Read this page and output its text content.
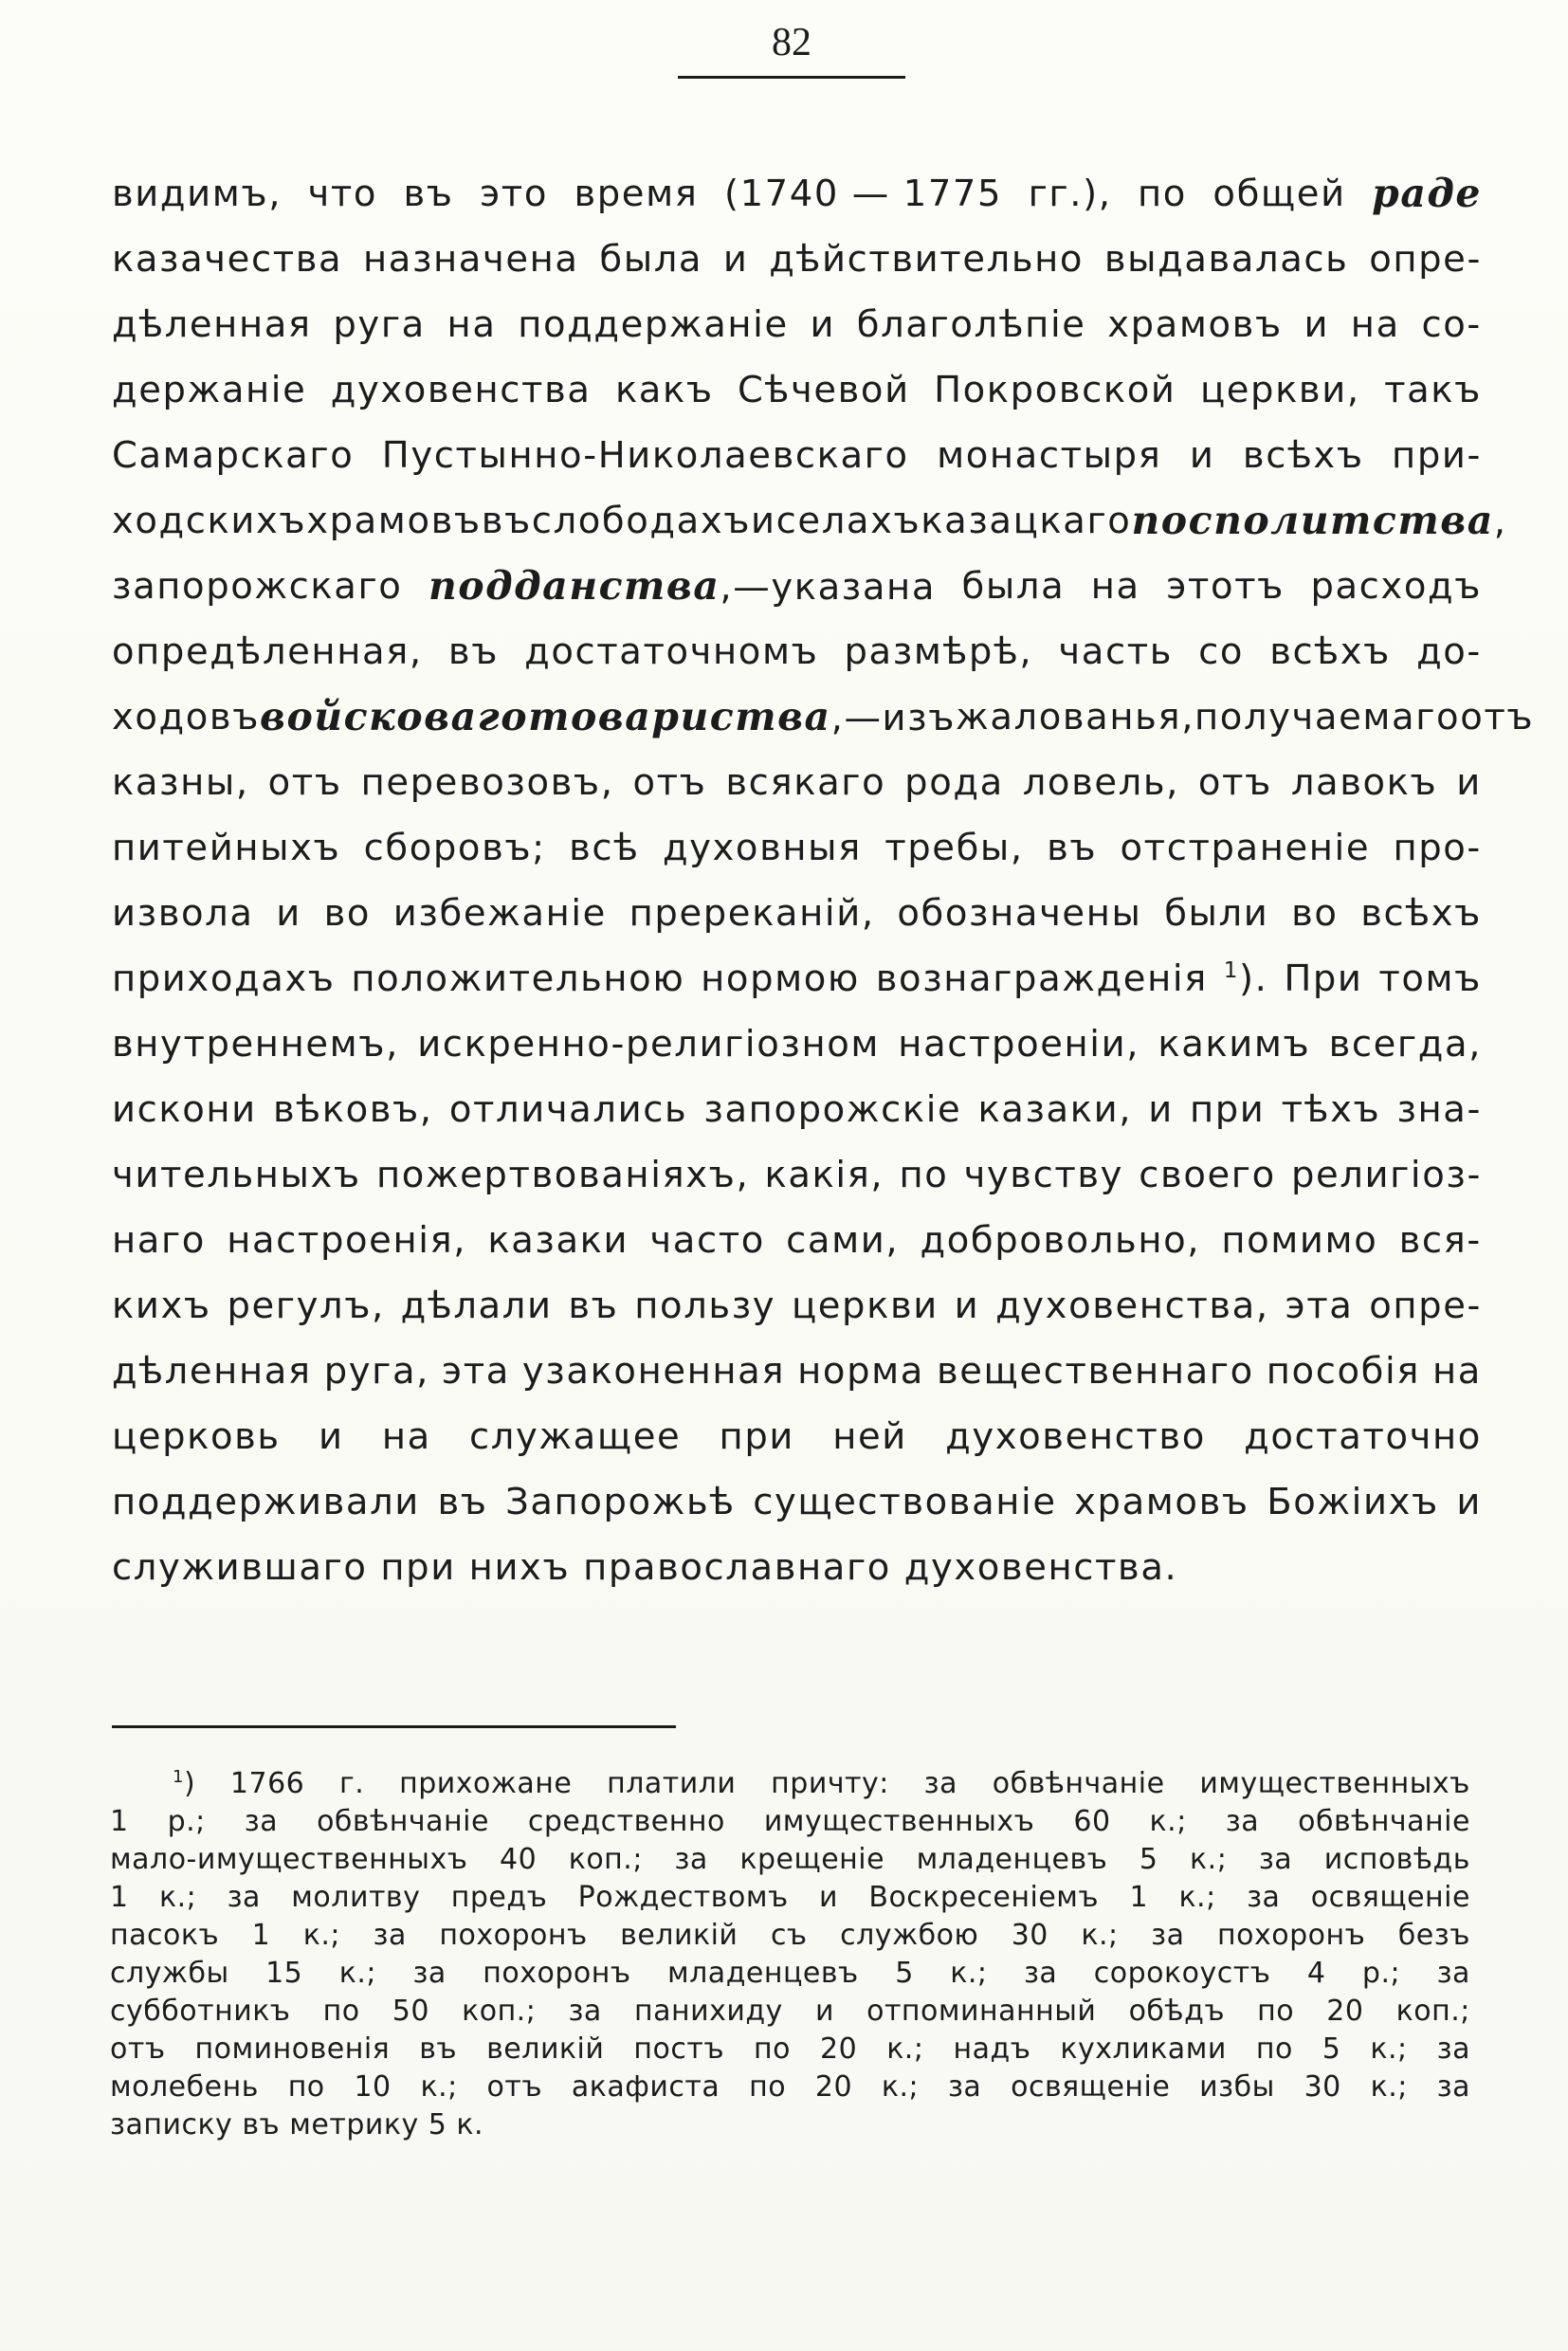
82
видимъ, что въ это время (1740 — 1775 гг.), по общей раде
казачества назначена была и дѣйствительно выдавалась опре-
дѣленная руга на поддержаніе и благолѣпіе храмовъ и на со-
держаніе духовенства какъ Сѣчевой Покровской церкви, такъ
Самарскаго Пустынно-Николаевскаго монастыря и всѣхъ при-
ходскихъ храмовъ въ слободахъ и селахъ казацкаго посполитства,
запорожскаго подданства,—указана была на этотъ расходъ
опредѣленная, въ достаточномъ размѣрѣ, часть со всѣхъ до-
ходовъ войсковаго товариства,—изъ жалованья, получаемаго отъ
казны, отъ перевозовъ, отъ всякаго рода ловель, отъ лавокъ и
питейныхъ сборовъ; всѣ духовныя требы, въ отстраненіе про-
извола и во избежаніе пререканій, обозначены были во всѣхъ
приходахъ положительною нормою вознагражденія $^1$). При томъ
внутреннемъ, искренно-религіозном настроеніи, какимъ всегда,
искони вѣковъ, отличались запорожскіе казаки, и при тѣхъ зна-
чительныхъ пожертвованіяхъ, какія, по чувству своего религіоз-
наго настроенія, казаки часто сами, добровольно, помимо вся-
кихъ регулъ, дѣлали въ пользу церкви и духовенства, эта опре-
дѣленная руга, эта узаконенная норма вещественнаго пособія на
церковь и на служащее при ней духовенство достаточно
поддерживали въ Запорожьѣ существованіе храмовъ Божіихъ и
служившаго при нихъ православнаго духовенства.
$^1$) 1766 г. прихожане платили причту: за обвѣнчаніе имущественныхъ
1 р.; за обвѣнчаніе средственно имущественныхъ 60 к.; за обвѣнчаніе
мало-имущественныхъ 40 коп.; за крещеніе младенцевъ 5 к.; за исповѣдь
1 к.; за молитву предъ Рождествомъ и Воскресеніемъ 1 к.; за освященіе
пасокъ 1 к.; за похоронъ великій съ службою 30 к.; за похоронъ безъ
службы 15 к.; за похоронъ младенцевъ 5 к.; за сорокоустъ 4 р.; за
субботникъ по 50 коп.; за панихиду и отпоминанный обѣдъ по 20 коп.;
отъ поминовенія въ великій постъ по 20 к.; надъ кухликами по 5 к.; за
молебень по 10 к.; отъ акафиста по 20 к.; за освященіе избы 30 к.; за
записку въ метрику 5 к.
